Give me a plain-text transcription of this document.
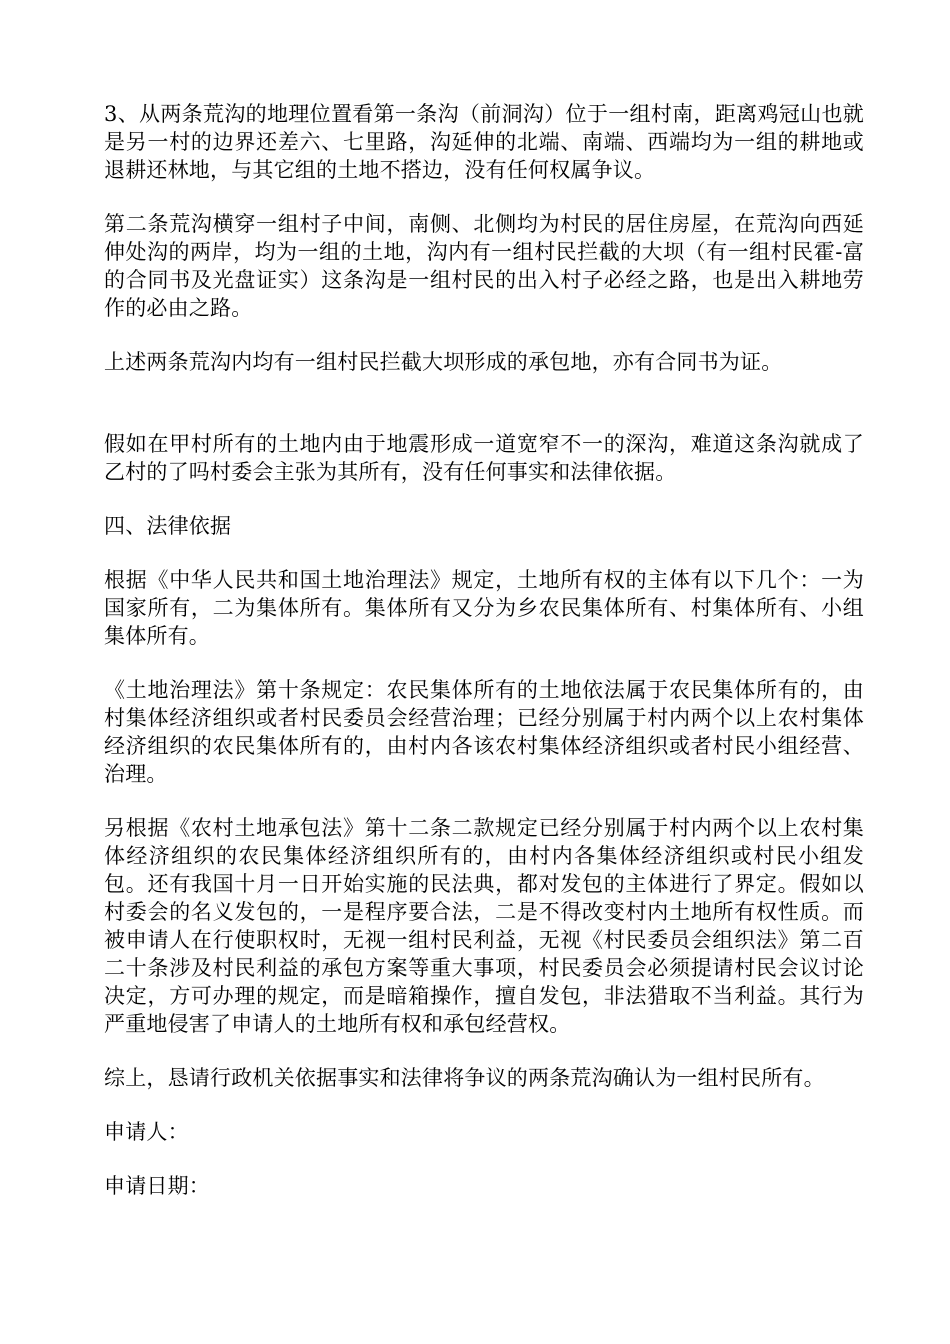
3、从两条荒沟的地理位置看第一条沟（前洞沟）位于一组村南，距离鸡冠山也就是另一村的边界还差六、七里路，沟延伸的北端、南端、西端均为一组的耕地或退耕还林地，与其它组的土地不搭边，没有任何权属争议。

第二条荒沟横穿一组村子中间，南侧、北侧均为村民的居住房屋，在荒沟向西延伸处沟的两岸，均为一组的土地，沟内有一组村民拦截的大坝（有一组村民霍-富的合同书及光盘证实）这条沟是一组村民的出入村子必经之路，也是出入耕地劳作的必由之路。

上述两条荒沟内均有一组村民拦截大坝形成的承包地，亦有合同书为证。

假如在甲村所有的土地内由于地震形成一道宽窄不一的深沟，难道这条沟就成了乙村的了吗村委会主张为其所有，没有任何事实和法律依据。

四、法律依据

根据《中华人民共和国土地治理法》规定，土地所有权的主体有以下几个：一为国家所有，二为集体所有。集体所有又分为乡农民集体所有、村集体所有、小组集体所有。

《土地治理法》第十条规定：农民集体所有的土地依法属于农民集体所有的，由村集体经济组织或者村民委员会经营治理；已经分别属于村内两个以上农村集体经济组织的农民集体所有的，由村内各该农村集体经济组织或者村民小组经营、治理。

另根据《农村土地承包法》第十二条二款规定已经分别属于村内两个以上农村集体经济组织的农民集体经济组织所有的，由村内各集体经济组织或村民小组发包。还有我国十月一日开始实施的民法典，都对发包的主体进行了界定。假如以村委会的名义发包的，一是程序要合法，二是不得改变村内土地所有权性质。而被申请人在行使职权时，无视一组村民利益，无视《村民委员会组织法》第二百二十条涉及村民利益的承包方案等重大事项，村民委员会必须提请村民会议讨论决定，方可办理的规定，而是暗箱操作，擅自发包，非法猎取不当利益。其行为严重地侵害了申请人的土地所有权和承包经营权。

综上，恳请行政机关依据事实和法律将争议的两条荒沟确认为一组村民所有。

申请人：

申请日期：
